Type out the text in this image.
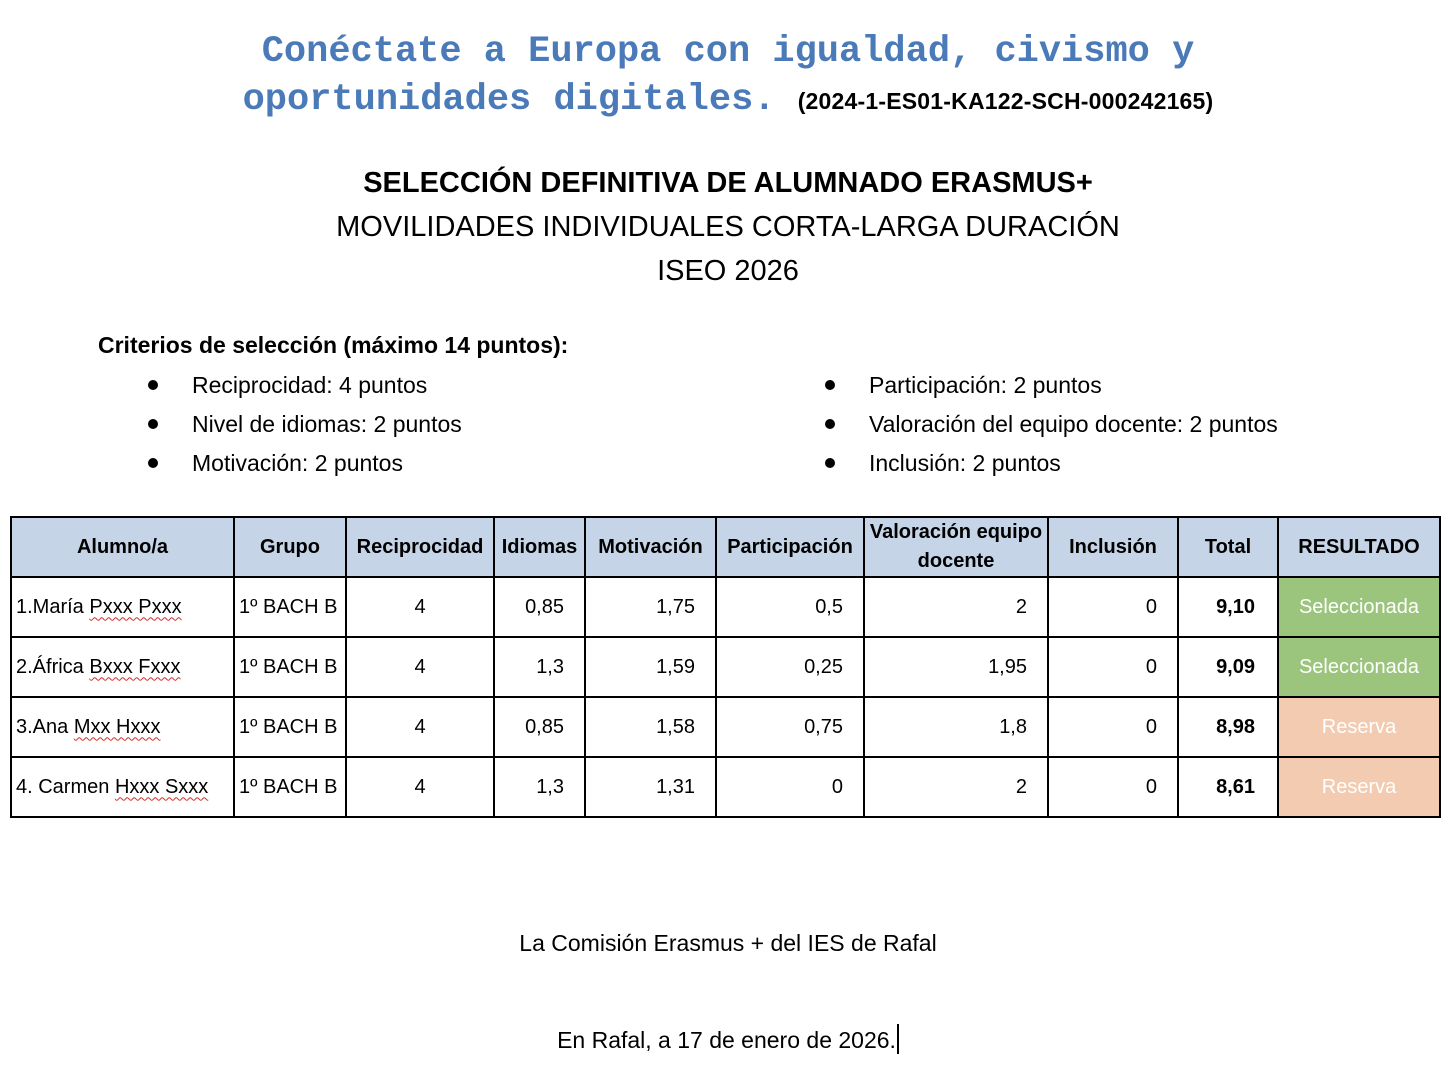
Conéctate a Europa con igualdad, civismo y
oportunidades digitales. (2024-1-ES01-KA122-SCH-000242165)
SELECCIÓN DEFINITIVA DE ALUMNADO ERASMUS+
MOVILIDADES INDIVIDUALES CORTA-LARGA DURACIÓN
ISEO 2026
Criterios de selección (máximo 14 puntos):
Reciprocidad: 4 puntos
Nivel de idiomas: 2 puntos
Motivación: 2 puntos
Participación: 2 puntos
Valoración del equipo docente: 2 puntos
Inclusión: 2 puntos
Alumno/a	Grupo	Reciprocidad	Idiomas	Motivación	Participación	Valoración equipo docente	Inclusión	Total	RESULTADO
1.María Pxxx Pxxx	1º BACH B	4	0,85	1,75	0,5	2	0	9,10	Seleccionada
2.África Bxxx Fxxx	1º BACH B	4	1,3	1,59	0,25	1,95	0	9,09	Seleccionada
3.Ana Mxx Hxxx	1º BACH B	4	0,85	1,58	0,75	1,8	0	8,98	Reserva
4. Carmen Hxxx Sxxx	1º BACH B	4	1,3	1,31	0	2	0	8,61	Reserva
La Comisión Erasmus + del IES de Rafal
En Rafal, a 17 de enero de 2026.
